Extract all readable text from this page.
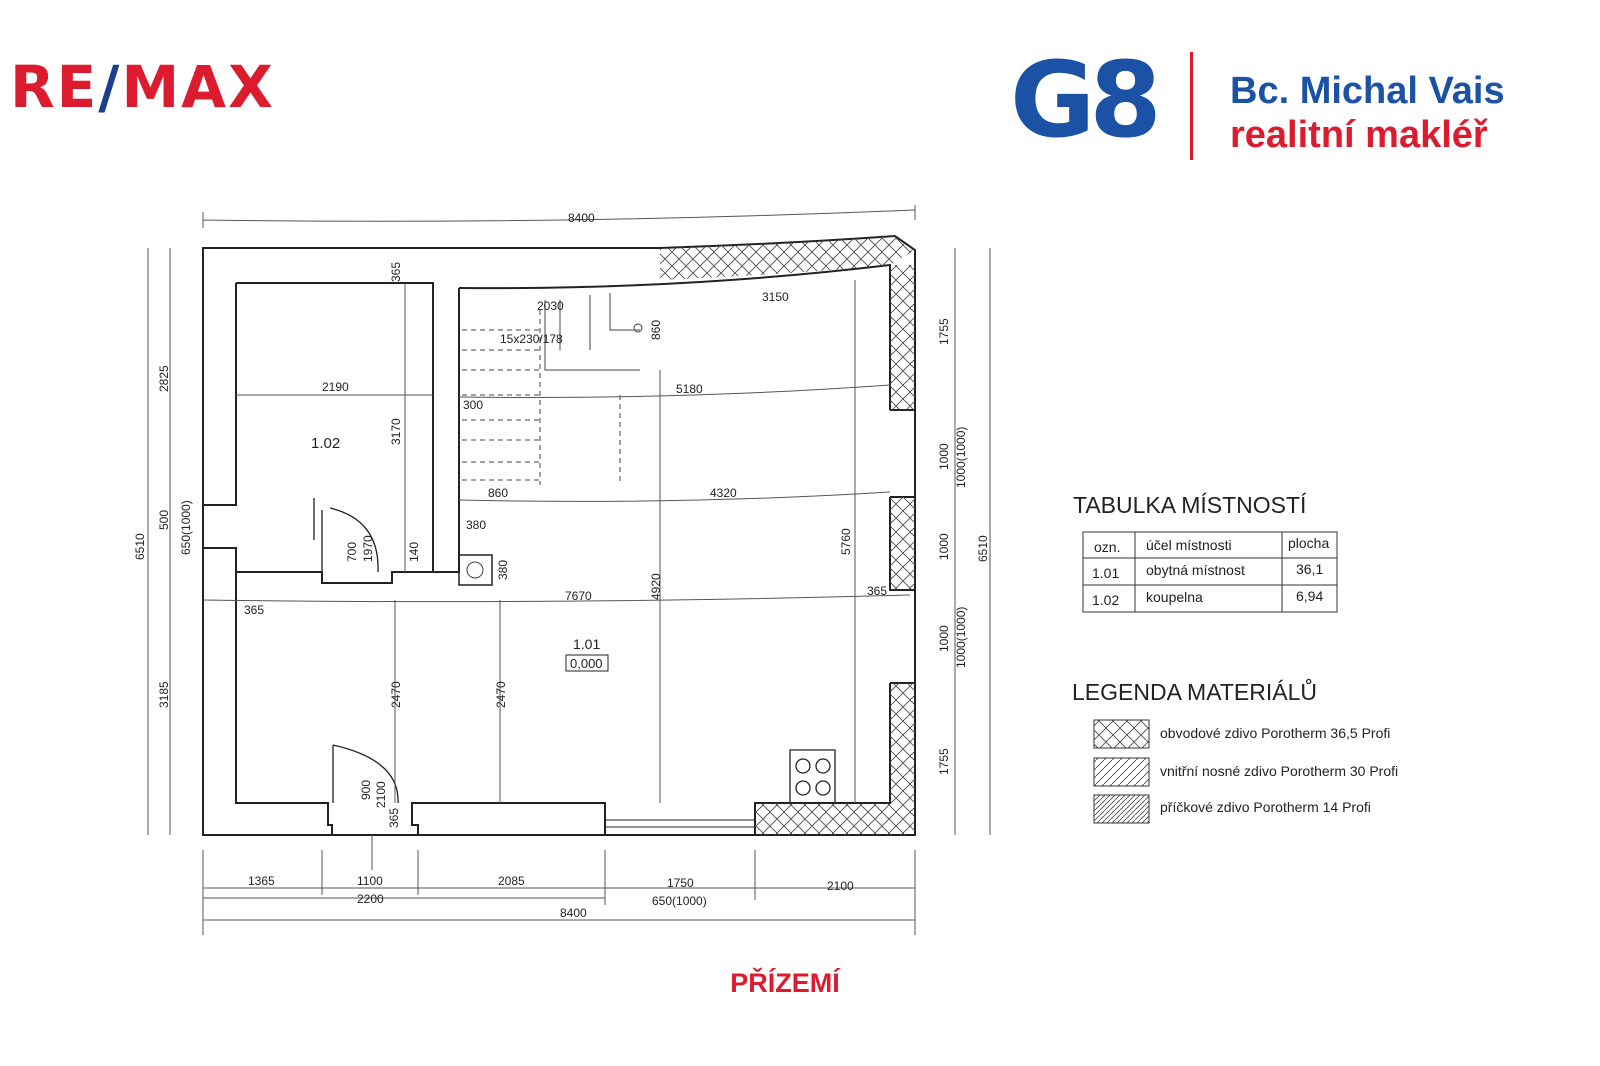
RE/MAX	G8 Bc. Michal Vais
realitní makléř
8400
365
2030
3150
15x230/178	860
2825	2190	5180
300
3170
860	4320
380
380
6510
500 650(1000)	700 1970	140	5760
4920
7670
365
365
3185	2470	2470
900 2100
365
1755
1000 1000(1000)
1000
1000 1000(1000)
1755
6510
1365	1100	2085	1750	2100
2200	650(1000)
8400
1.02
1.01
0,000
TABULKA MÍSTNOSTÍ
ozn. účel místnosti	plocha
1.01 obytná místnost	36,1
1.02 koupelna	6,94
LEGENDA MATERIÁLŮ
obvodové zdivo Porotherm 36,5 Profi
vnitřní nosné zdivo Porotherm 30 Profi
příčkové zdivo Porotherm 14 Profi
PŘÍZEMÍ
